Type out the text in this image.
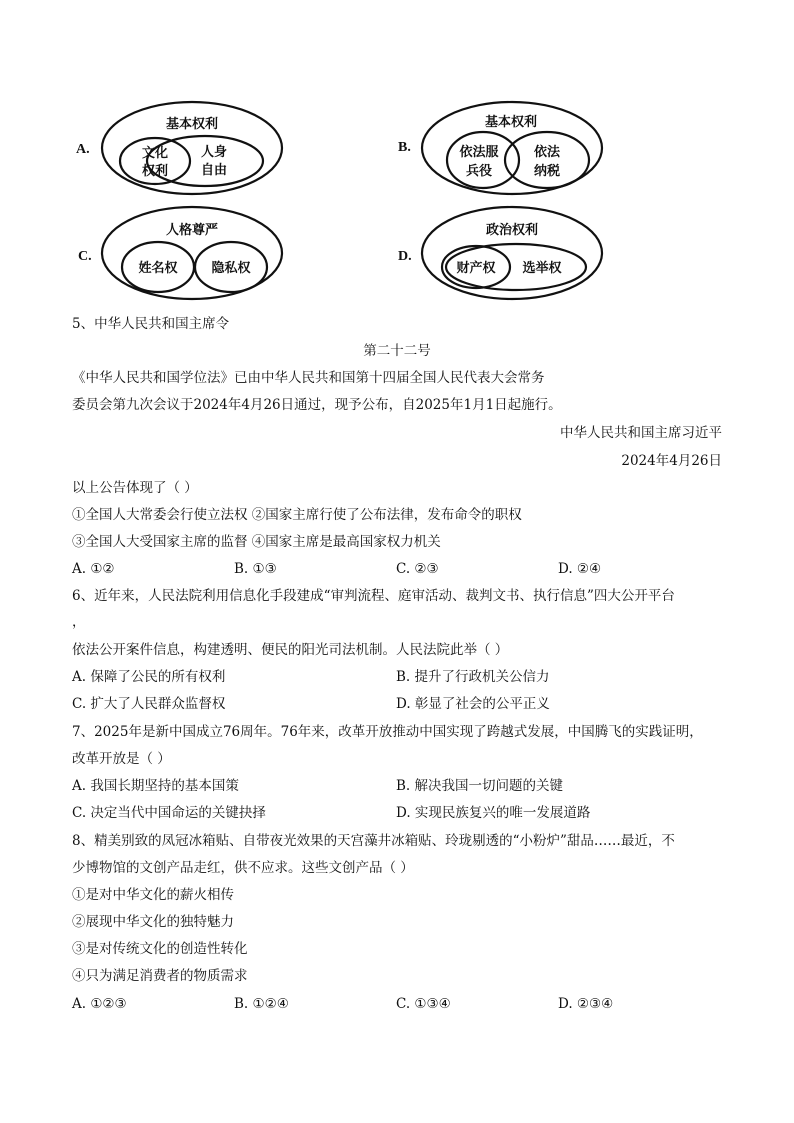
A.
基本权利
文化
权利
人身
自由
B.
基本权利
依法服
兵役
依法
纳税
C.
人格尊严
姓名权	隐私权
D.
政治权利
财产权 选举权
5、中华人民共和国主席令
第二十二号
《中华人民共和国学位法》已由中华人民共和国第十四届全国人民代表大会常务
委员会第九次会议于2024年4月26日通过，现予公布，自2025年1月1日起施行。
中华人民共和国主席习近平
2024年4月26日
以上公告体现了（ ）
①全国人大常委会行使立法权 ②国家主席行使了公布法律，发布命令的职权
③全国人大受国家主席的监督 ④国家主席是最高国家权力机关
A. ①②	B. ①③	C. ②③	D. ②④
6、近年来，人民法院利用信息化手段建成“审判流程、庭审活动、裁判文书、执行信息”四大公开平台
，
依法公开案件信息，构建透明、便民的阳光司法机制。人民法院此举（ ）
A. 保障了公民的所有权利	B. 提升了行政机关公信力
C. 扩大了人民群众监督权	D. 彰显了社会的公平正义
7、2025年是新中国成立76周年。76年来，改革开放推动中国实现了跨越式发展，中国腾飞的实践证明，
改革开放是（ ）
A. 我国长期坚持的基本国策	B. 解决我国一切问题的关键
C. 决定当代中国命运的关键抉择	D. 实现民族复兴的唯一发展道路
8、精美别致的凤冠冰箱贴、自带夜光效果的天宫藻井冰箱贴、玲珑剔透的“小粉炉”甜品……最近，不
少博物馆的文创产品走红，供不应求。这些文创产品（ ）
①是对中华文化的薪火相传
②展现中华文化的独特魅力
③是对传统文化的创造性转化
④只为满足消费者的物质需求
A. ①②③	B. ①②④	C. ①③④	D. ②③④
